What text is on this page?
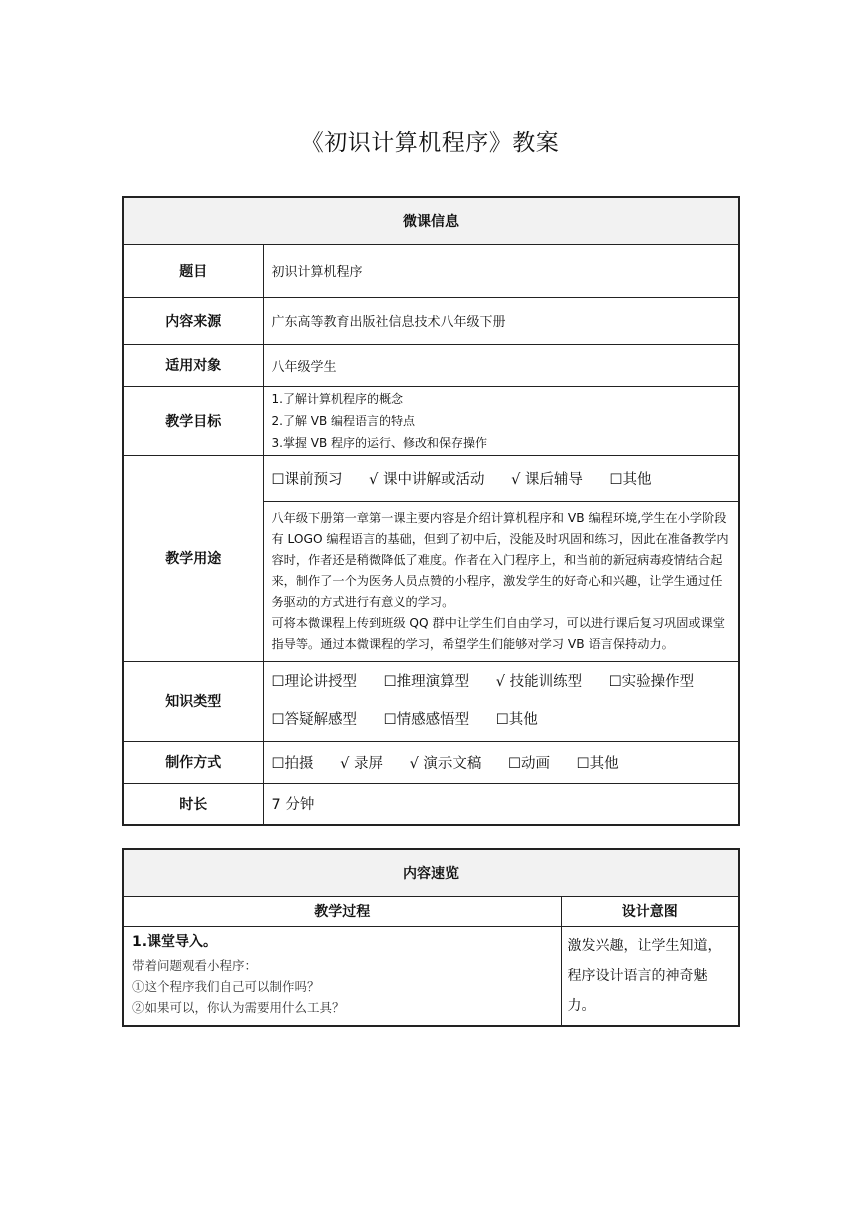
《初识计算机程序》教案
微课信息	
题目	初识计算机程序
内容来源	广东高等教育出版社信息技术八年级下册
适用对象	八年级学生
教学目标	1.了解计算机程序的概念
2.了解 VB 编程语言的特点
3.掌握 VB 程序的运行、修改和保存操作

教学用途	☐课前预习 √ 课中讲解或活动 √ 课后辅导 ☐其他

	八年级下册第一章第一课主要内容是介绍计算机程序和 VB 编程环境,学生在小学阶段有 LOGO 编程语言的基础，但到了初中后，没能及时巩固和练习，因此在准备教学内容时，作者还是稍微降低了难度。作者在入门程序上，和当前的新冠病毒疫情结合起来，制作了一个为医务人员点赞的小程序，激发学生的好奇心和兴趣，让学生通过任务驱动的方式进行有意义的学习。

可将本微课程上传到班级 QQ 群中让学生们自由学习，可以进行课后复习巩固或课堂指导等。通过本微课程的学习，希望学生们能够对学习 VB 语言保持动力。

知识类型	☐理论讲授型 ☐推理演算型 √ 技能训练型 ☐实验操作型
☐答疑解感型 ☐情感感悟型 ☐其他

制作方式	☐拍摄 √ 录屏 √ 演示文稿 ☐动画 ☐其他
时长	7 分钟
内容速览	
教学过程	设计意图

1.课堂导入。
带着问题观看小程序：
①这个程序我们自己可以制作吗？
②如果可以，你认为需要用什么工具？	激发兴趣，让学生知道，程序设计语言的神奇魅力。
